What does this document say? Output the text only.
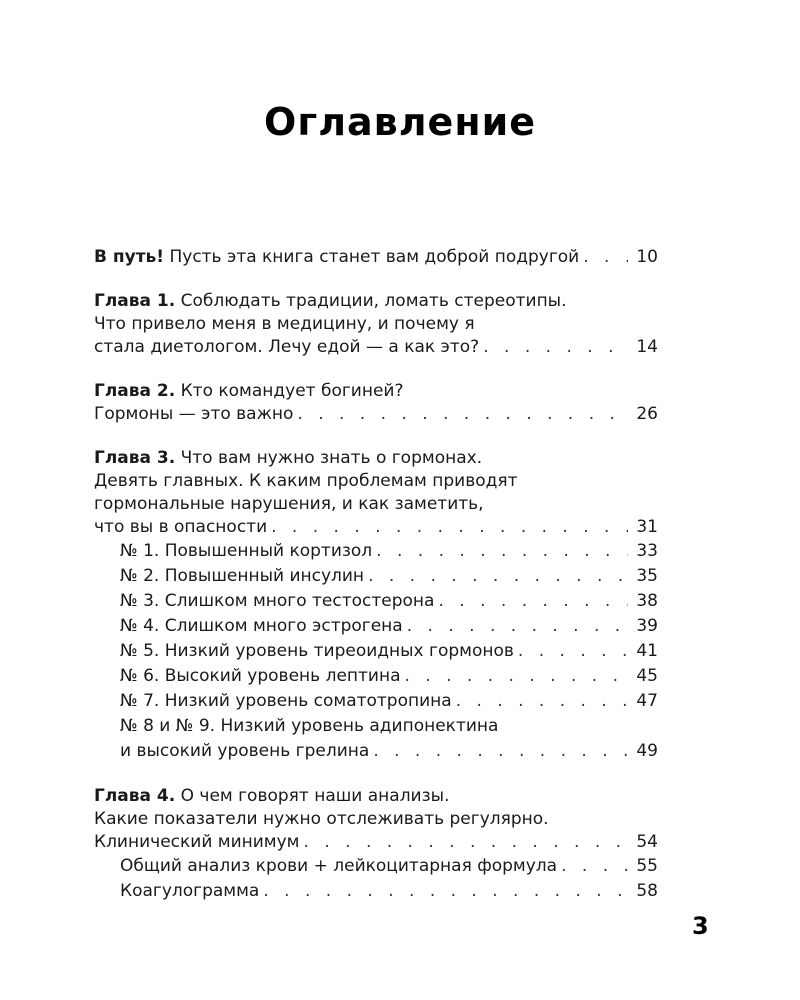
Оглавление
В путь! Пусть эта книга станет вам доброй подругой . . .	10
Глава 1. Соблюдать традиции, ломать стереотипы.
Что привело меня в медицину, и почему я
стала диетологом. Лечу едой — а как это? . . .	14
Глава 2. Кто командует богиней?
Гормоны — это важно . . .	26
Глава 3. Что вам нужно знать о гормонах.
Девять главных. К каким проблемам приводят
гормональные нарушения, и как заметить,
что вы в опасности . . .	31
№ 1. Повышенный кортизол . . .	33
№ 2. Повышенный инсулин . . .	35
№ 3. Слишком много тестостерона . . .	38
№ 4. Слишком много эстрогена . . .	39
№ 5. Низкий уровень тиреоидных гормонов . . .	41
№ 6. Высокий уровень лептина . . .	45
№ 7. Низкий уровень соматотропина . . .	47
№ 8 и № 9. Низкий уровень адипонектина
и высокий уровень грелина . . .	49
Глава 4. О чем говорят наши анализы.
Какие показатели нужно отслеживать регулярно.
Клинический минимум . . .	54
Общий анализ крови + лейкоцитарная формула . . .	55
Коагулограмма . . .	58
3
